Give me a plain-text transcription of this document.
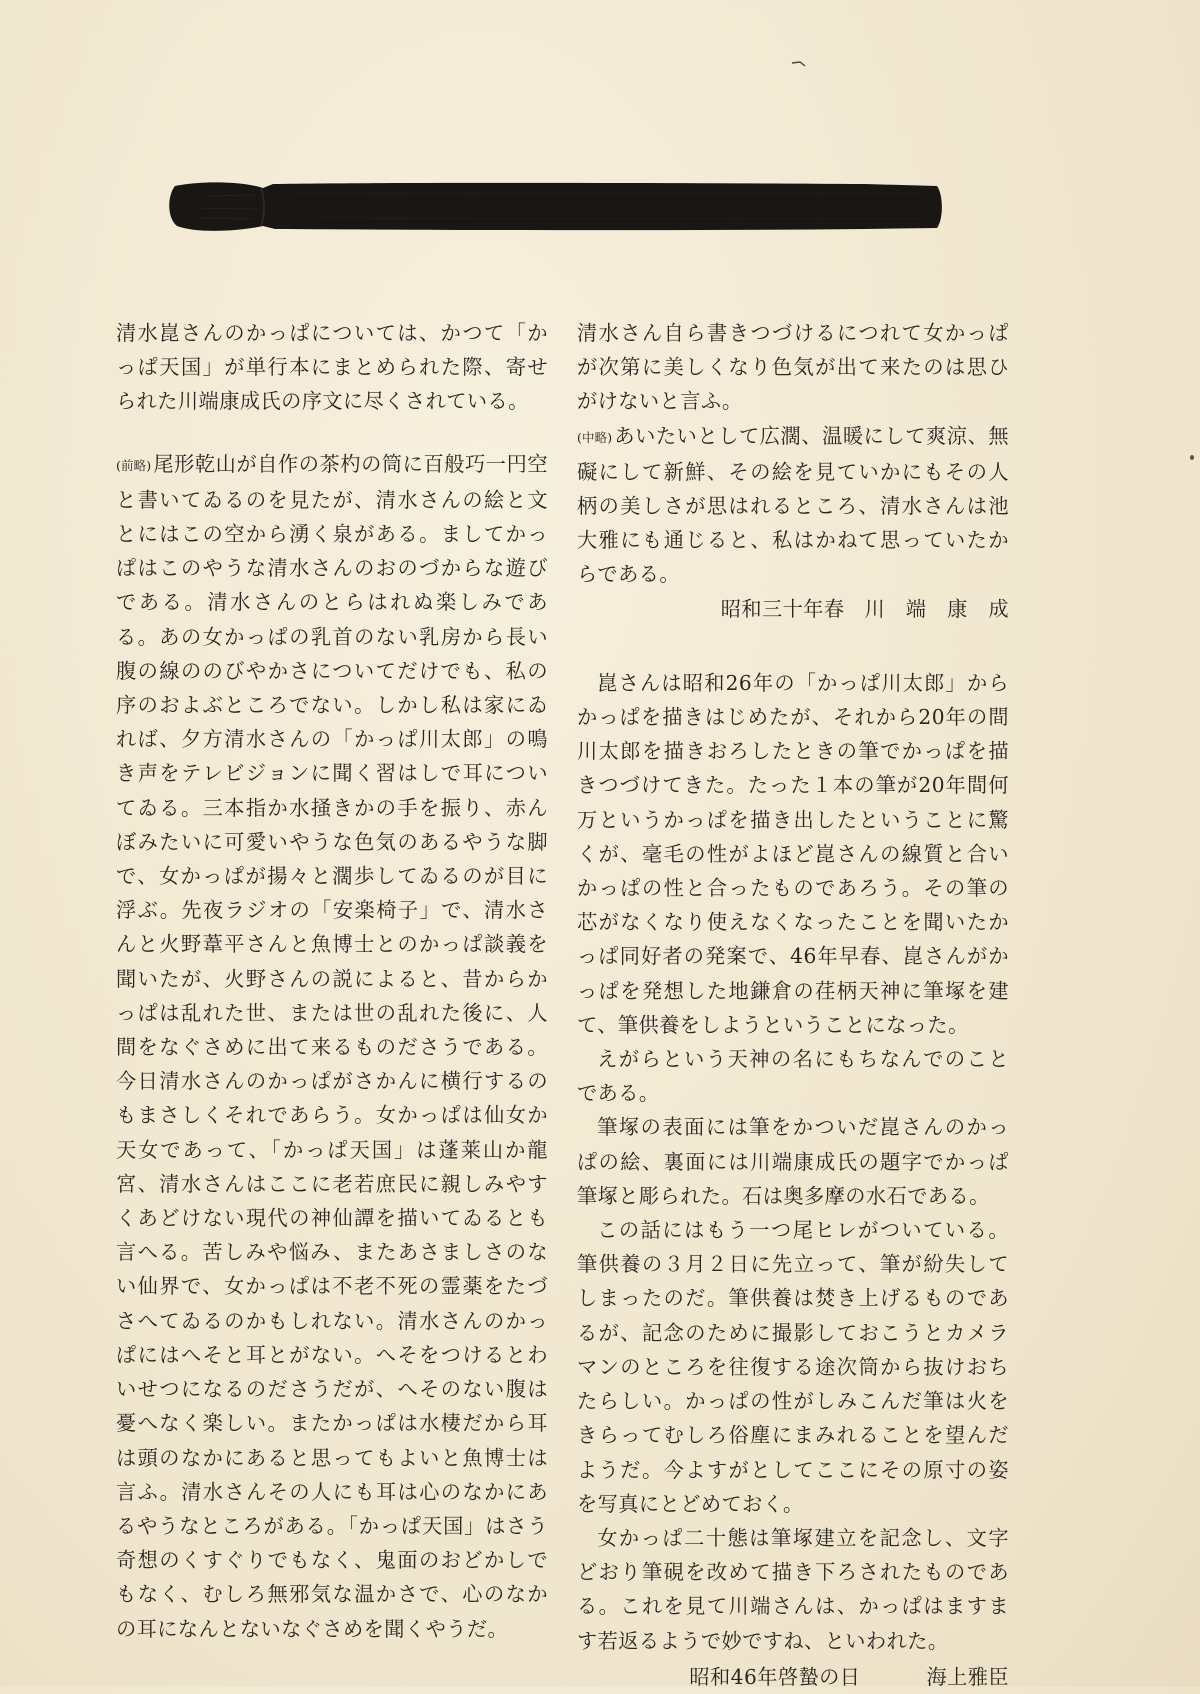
清水崑さんのかっぱについては、かつて「かっぱ天国」が単行本にまとめられた際、寄せられた川端康成氏の序文に尽くされている。

(前略)尾形乾山が自作の茶杓の筒に百般巧一円空と書いてゐるのを見たが、清水さんの絵と文とにはこの空から湧く泉がある。ましてかっぱはこのやうな清水さんのおのづからな遊びである。清水さんのとらはれぬ楽しみである。あの女かっぱの乳首のない乳房から長い腹の線ののびやかさについてだけでも、私の序のおよぶところでない。しかし私は家にゐれば、夕方清水さんの「かっぱ川太郎」の鳴き声をテレビジョンに聞く習はしで耳についてゐる。三本指か水掻きかの手を振り、赤んぼみたいに可愛いやうな色気のあるやうな脚で、女かっぱが揚々と濶歩してゐるのが目に浮ぶ。先夜ラジオの「安楽椅子」で、清水さんと火野葦平さんと魚博士とのかっぱ談義を聞いたが、火野さんの説によると、昔からかっぱは乱れた世、または世の乱れた後に、人間をなぐさめに出て来るものださうである。今日清水さんのかっぱがさかんに横行するのもまさしくそれであらう。女かっぱは仙女か天女であって、「かっぱ天国」は蓬莱山か龍宮、清水さんはここに老若庶民に親しみやすくあどけない現代の神仙譚を描いてゐるとも言へる。苦しみや悩み、またあさましさのない仙界で、女かっぱは不老不死の霊薬をたづさへてゐるのかもしれない。清水さんのかっぱにはへそと耳とがない。へそをつけるとわいせつになるのださうだが、へそのない腹は憂へなく楽しい。またかっぱは水棲だから耳は頭のなかにあると思ってもよいと魚博士は言ふ。清水さんその人にも耳は心のなかにあるやうなところがある。「かっぱ天国」はさう奇想のくすぐりでもなく、鬼面のおどかしでもなく、むしろ無邪気な温かさで、心のなかの耳になんとないなぐさめを聞くやうだ。

清水さん自ら書きつづけるにつれて女かっぱが次第に美しくなり色気が出て来たのは思ひがけないと言ふ。

(中略)あいたいとして広濶、温暖にして爽涼、無礙にして新鮮、その絵を見ていかにもその人柄の美しさが思はれるところ、清水さんは池大雅にも通じると、私はかねて思っていたからである。

昭和三十年春 川　端　康　成

崑さんは昭和26年の「かっぱ川太郎」からかっぱを描きはじめたが、それから20年の間川太郎を描きおろしたときの筆でかっぱを描きつづけてきた。たった１本の筆が20年間何万というかっぱを描き出したということに驚くが、毫毛の性がよほど崑さんの線質と合いかっぱの性と合ったものであろう。その筆の芯がなくなり使えなくなったことを聞いたかっぱ同好者の発案で、46年早春、崑さんがかっぱを発想した地鎌倉の荏柄天神に筆塚を建て、筆供養をしようということになった。

えがらという天神の名にもちなんでのことである。

筆塚の表面には筆をかついだ崑さんのかっぱの絵、裏面には川端康成氏の題字でかっぱ筆塚と彫られた。石は奥多摩の水石である。

この話にはもう一つ尾ヒレがついている。筆供養の３月２日に先立って、筆が紛失してしまったのだ。筆供養は焚き上げるものであるが、記念のために撮影しておこうとカメラマンのところを往復する途次筒から抜けおちたらしい。かっぱの性がしみこんだ筆は火をきらってむしろ俗塵にまみれることを望んだようだ。今よすがとしてここにその原寸の姿を写真にとどめておく。

女かっぱ二十態は筆塚建立を記念し、文字どおり筆硯を改めて描き下ろされたものである。これを見て川端さんは、かっぱはますます若返るようで妙ですね、といわれた。

昭和46年啓蟄の日	海上雅臣
